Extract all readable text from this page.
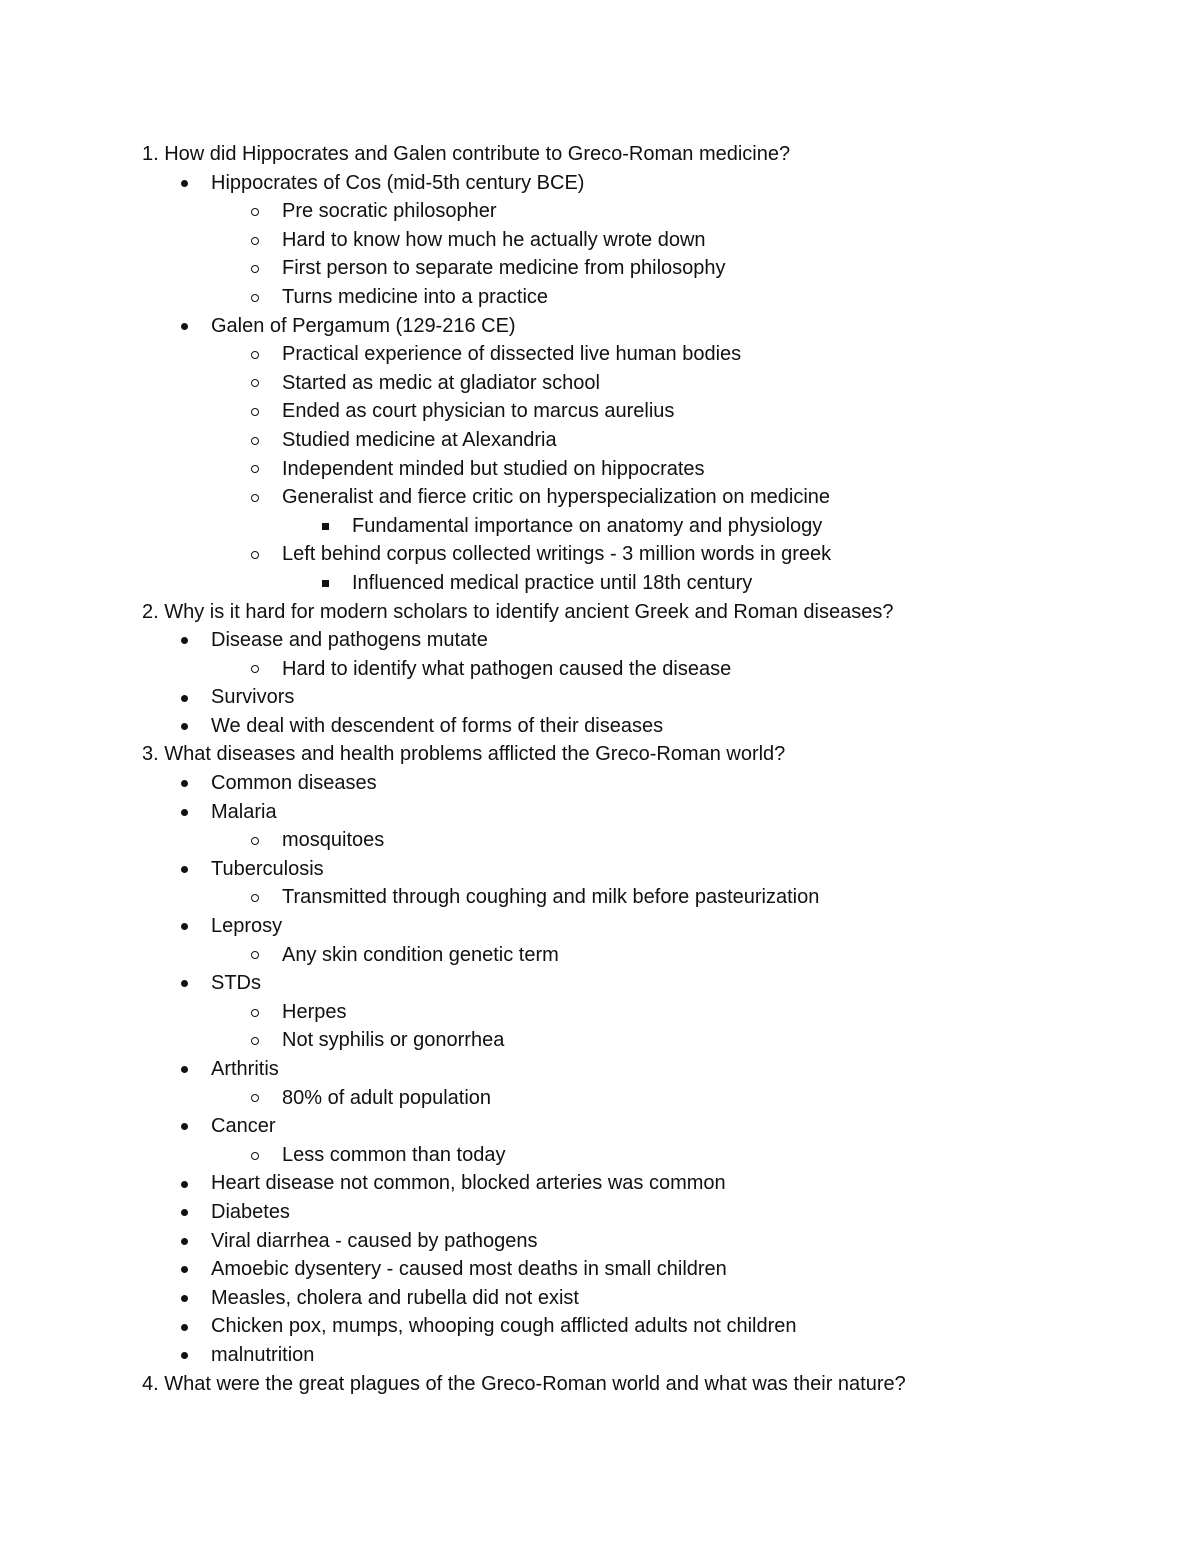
1. How did Hippocrates and Galen contribute to Greco-Roman medicine?
Hippocrates of Cos (mid-5th century BCE)
Pre socratic philosopher
Hard to know how much he actually wrote down
First person to separate medicine from philosophy
Turns medicine into a practice
Galen of Pergamum (129-216 CE)
Practical experience of dissected live human bodies
Started as medic at gladiator school
Ended as court physician to marcus aurelius
Studied medicine at Alexandria
Independent minded but studied on hippocrates
Generalist and fierce critic on hyperspecialization on medicine
Fundamental importance on anatomy and physiology
Left behind corpus collected writings - 3 million words in greek
Influenced medical practice until 18th century
2. Why is it hard for modern scholars to identify ancient Greek and Roman diseases?
Disease and pathogens mutate
Hard to identify what pathogen caused the disease
Survivors
We deal with descendent of forms of their diseases
3. What diseases and health problems afflicted the Greco-Roman world?
Common diseases
Malaria
mosquitoes
Tuberculosis
Transmitted through coughing and milk before pasteurization
Leprosy
Any skin condition genetic term
STDs
Herpes
Not syphilis or gonorrhea
Arthritis
80% of adult population
Cancer
Less common than today
Heart disease not common, blocked arteries was common
Diabetes
Viral diarrhea - caused by pathogens
Amoebic dysentery - caused most deaths in small children
Measles, cholera and rubella did not exist
Chicken pox, mumps, whooping cough afflicted adults not children
malnutrition
4. What were the great plagues of the Greco-Roman world and what was their nature?
